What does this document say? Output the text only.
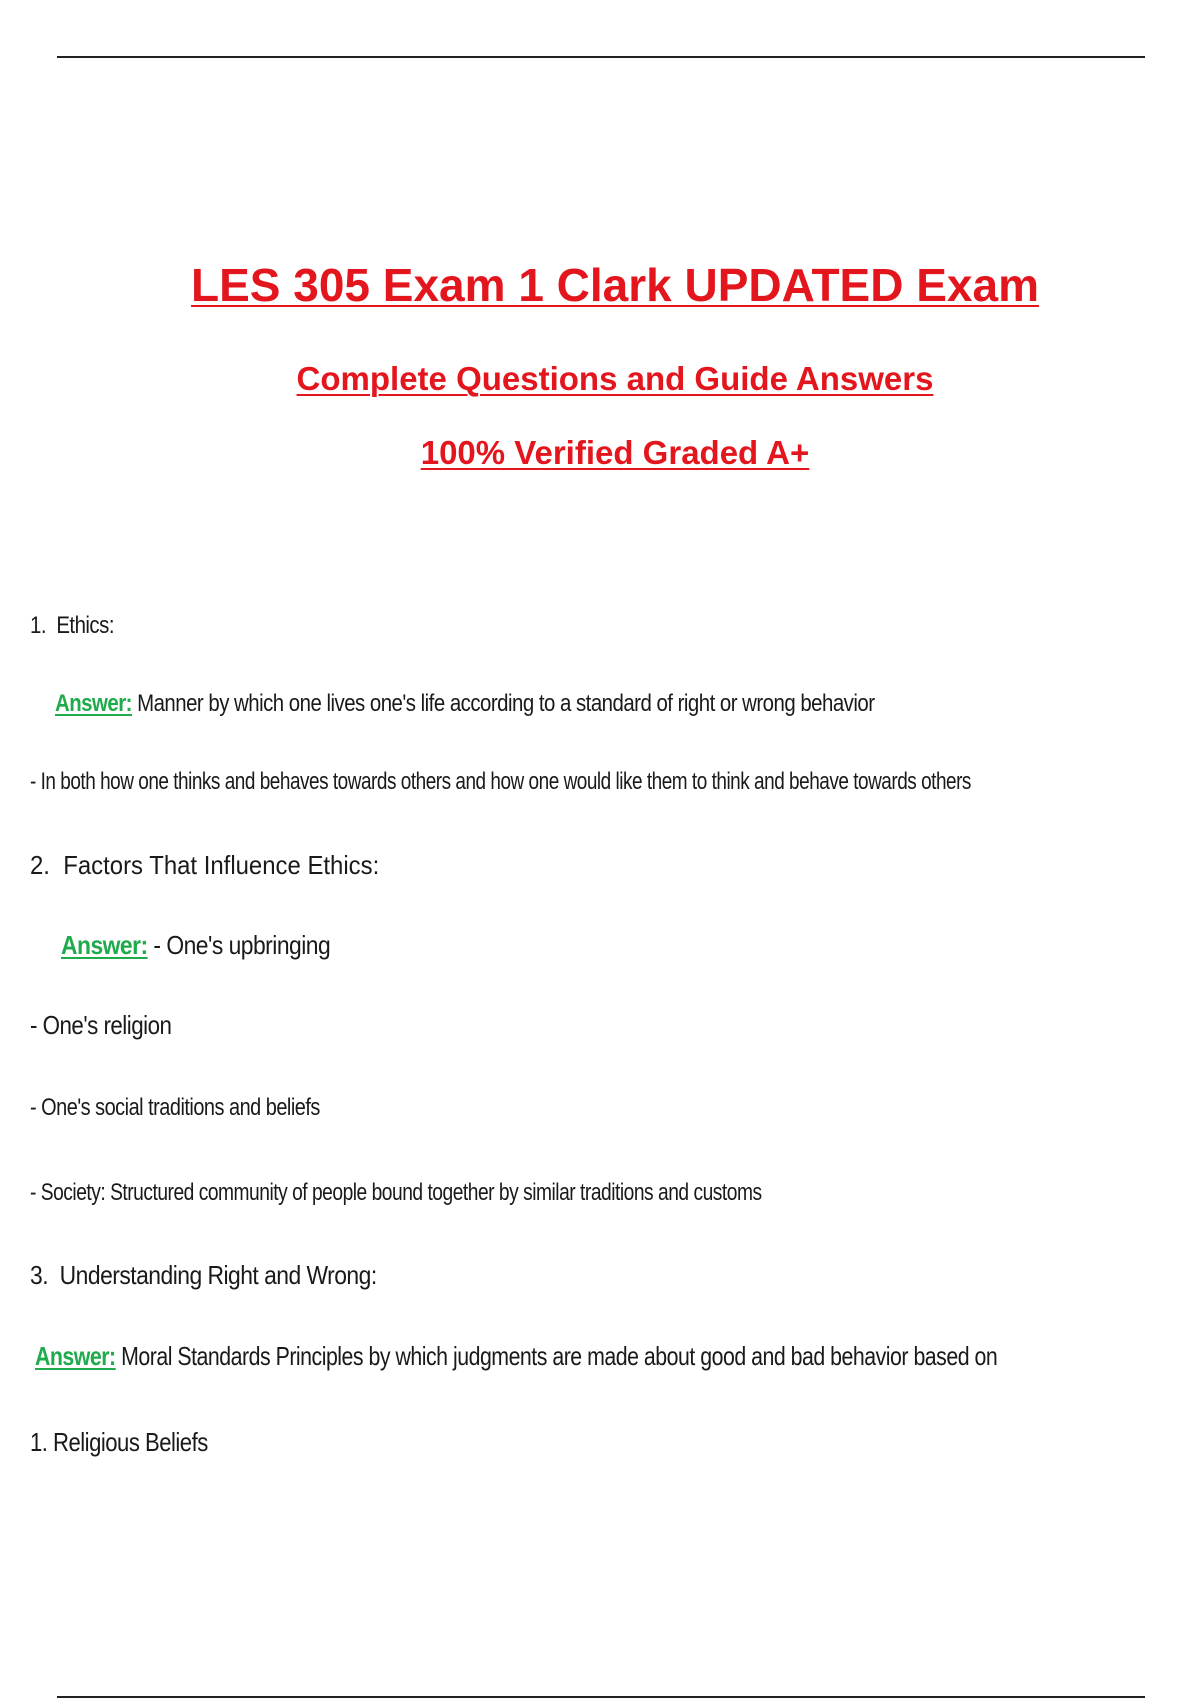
LES 305 Exam 1 Clark UPDATED Exam
Complete Questions and Guide Answers
100% Verified Graded A+
1. Ethics:
Answer: Manner by which one lives one's life according to a standard of right or wrong behavior
- In both how one thinks and behaves towards others and how one would like them to think and behave towards others
2. Factors That Influence Ethics:
Answer: - One's upbringing
- One's religion
- One's social traditions and beliefs
- Society: Structured community of people bound together by similar traditions and customs
3. Understanding Right and Wrong:
Answer: Moral Standards Principles by which judgments are made about good and bad behavior based on
1. Religious Beliefs
